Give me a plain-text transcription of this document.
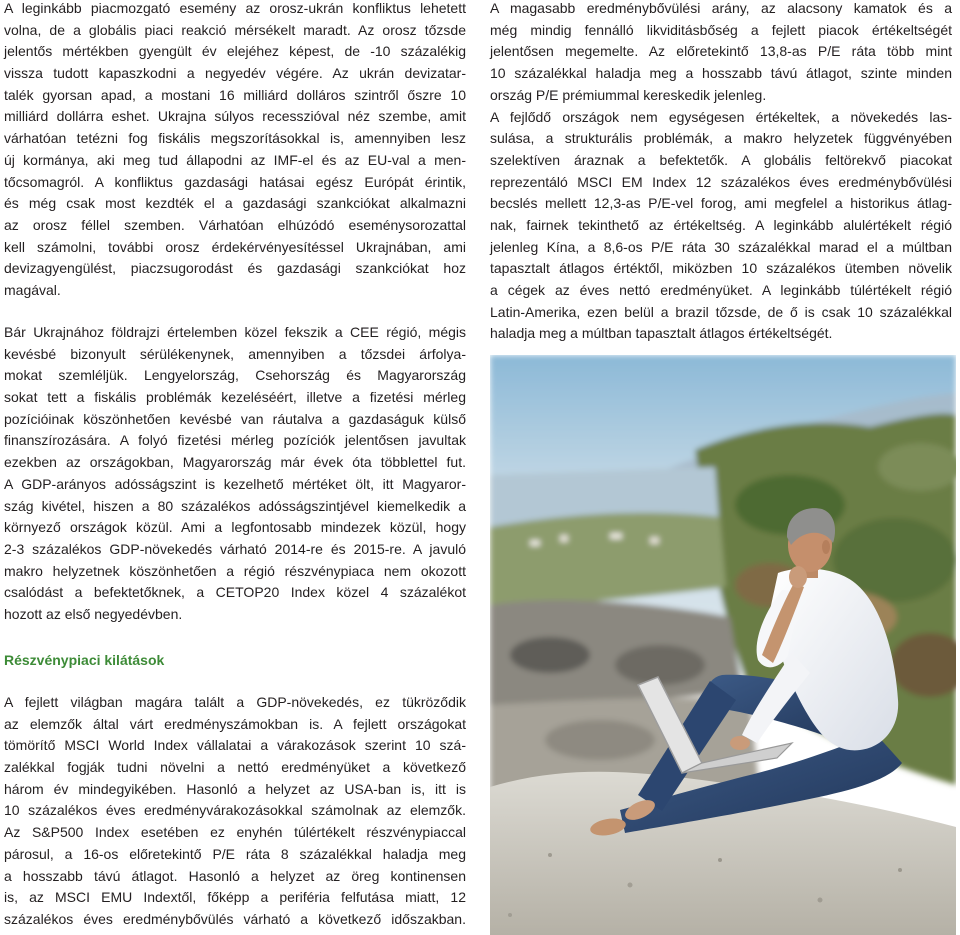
A leginkább piacmozgató esemény az orosz-ukrán konfliktus lehetett
volna, de a globális piaci reakció mérsékelt maradt. Az orosz tőzsde
jelentős mértékben gyengült év elejéhez képest, de -10 százalékig
vissza tudott kapaszkodni a negyedév végére. Az ukrán devizatar-
talék gyorsan apad, a mostani 16 milliárd dolláros szintről őszre 10
milliárd dollárra eshet. Ukrajna súlyos recesszióval néz szembe, amit
várhatóan tetézni fog fiskális megszorításokkal is, amennyiben lesz
új kormánya, aki meg tud állapodni az IMF-el és az EU-val a men-
tőcsomagról. A konfliktus gazdasági hatásai egész Európát érintik,
és még csak most kezdték el a gazdasági szankciókat alkalmazni
az orosz féllel szemben. Várhatóan elhúzódó eseménysorozattal
kell számolni, további orosz érdekérvényesítéssel Ukrajnában, ami
devizagyengülést, piaczsugorodást és gazdasági szankciókat hoz
magával.
Bár Ukrajnához földrajzi értelemben közel fekszik a CEE régió, mégis
kevésbé bizonyult sérülékenynek, amennyiben a tőzsdei árfolya-
mokat szemléljük. Lengyelország, Csehország és Magyarország
sokat tett a fiskális problémák kezeléséért, illetve a fizetési mérleg
pozícióinak köszönhetően kevésbé van ráutalva a gazdaságuk külső
finanszírozására. A folyó fizetési mérleg pozíciók jelentősen javultak
ezekben az országokban, Magyarország már évek óta többlettel fut.
A GDP-arányos adósságszint is kezelhető mértéket ölt, itt Magyaror-
szág kivétel, hiszen a 80 százalékos adósságszintjével kiemelkedik a
környező országok közül. Ami a legfontosabb mindezek közül, hogy
2-3 százalékos GDP-növekedés várható 2014-re és 2015-re. A javuló
makro helyzetnek köszönhetően a régió részvénypiaca nem okozott
csalódást a befektetőknek, a CETOP20 Index közel 4 százalékot
hozott az első negyedévben.
Részvénypiaci kilátások
A fejlett világban magára talált a GDP-növekedés, ez tükröződik
az elemzők által várt eredményszámokban is. A fejlett országokat
tömörítő MSCI World Index vállalatai a várakozások szerint 10 szá-
zalékkal fogják tudni növelni a nettó eredményüket a következő
három év mindegyikében. Hasonló a helyzet az USA-ban is, itt is
10 százalékos éves eredményvárakozásokkal számolnak az elemzők.
Az S&P500 Index esetében ez enyhén túlértékelt részvénypiaccal
párosul, a 16-os előretekintő P/E ráta 8 százalékkal haladja meg
a hosszabb távú átlagot. Hasonló a helyzet az öreg kontinensen
is, az MSCI EMU Indextől, főképp a periféria felfutása miatt, 12
százalékos éves eredménybővülés várható a következő időszakban.
A magasabb eredménybővülési arány, az alacsony kamatok és a
még mindig fennálló likviditásbőség a fejlett piacok értékeltségét
jelentősen megemelte. Az előretekintő 13,8-as P/E ráta több mint
10 százalékkal haladja meg a hosszabb távú átlagot, szinte minden
ország P/E prémiummal kereskedik jelenleg.
A fejlődő országok nem egységesen értékeltek, a növekedés las-
sulása, a strukturális problémák, a makro helyzetek függvényében
szelektíven áraznak a befektetők. A globális feltörekvő piacokat
reprezentáló MSCI EM Index 12 százalékos éves eredménybővülési
becslés mellett 12,3-as P/E-vel forog, ami megfelel a historikus átlag-
nak, fairnek tekinthető az értékeltség. A leginkább alulértékelt régió
jelenleg Kína, a 8,6-os P/E ráta 30 százalékkal marad el a múltban
tapasztalt átlagos értéktől, miközben 10 százalékos ütemben növelik
a cégek az éves nettó eredményüket. A leginkább túlértékelt régió
Latin-Amerika, ezen belül a brazil tőzsde, de ő is csak 10 százalékkal
haladja meg a múltban tapasztalt átlagos értékeltségét.
